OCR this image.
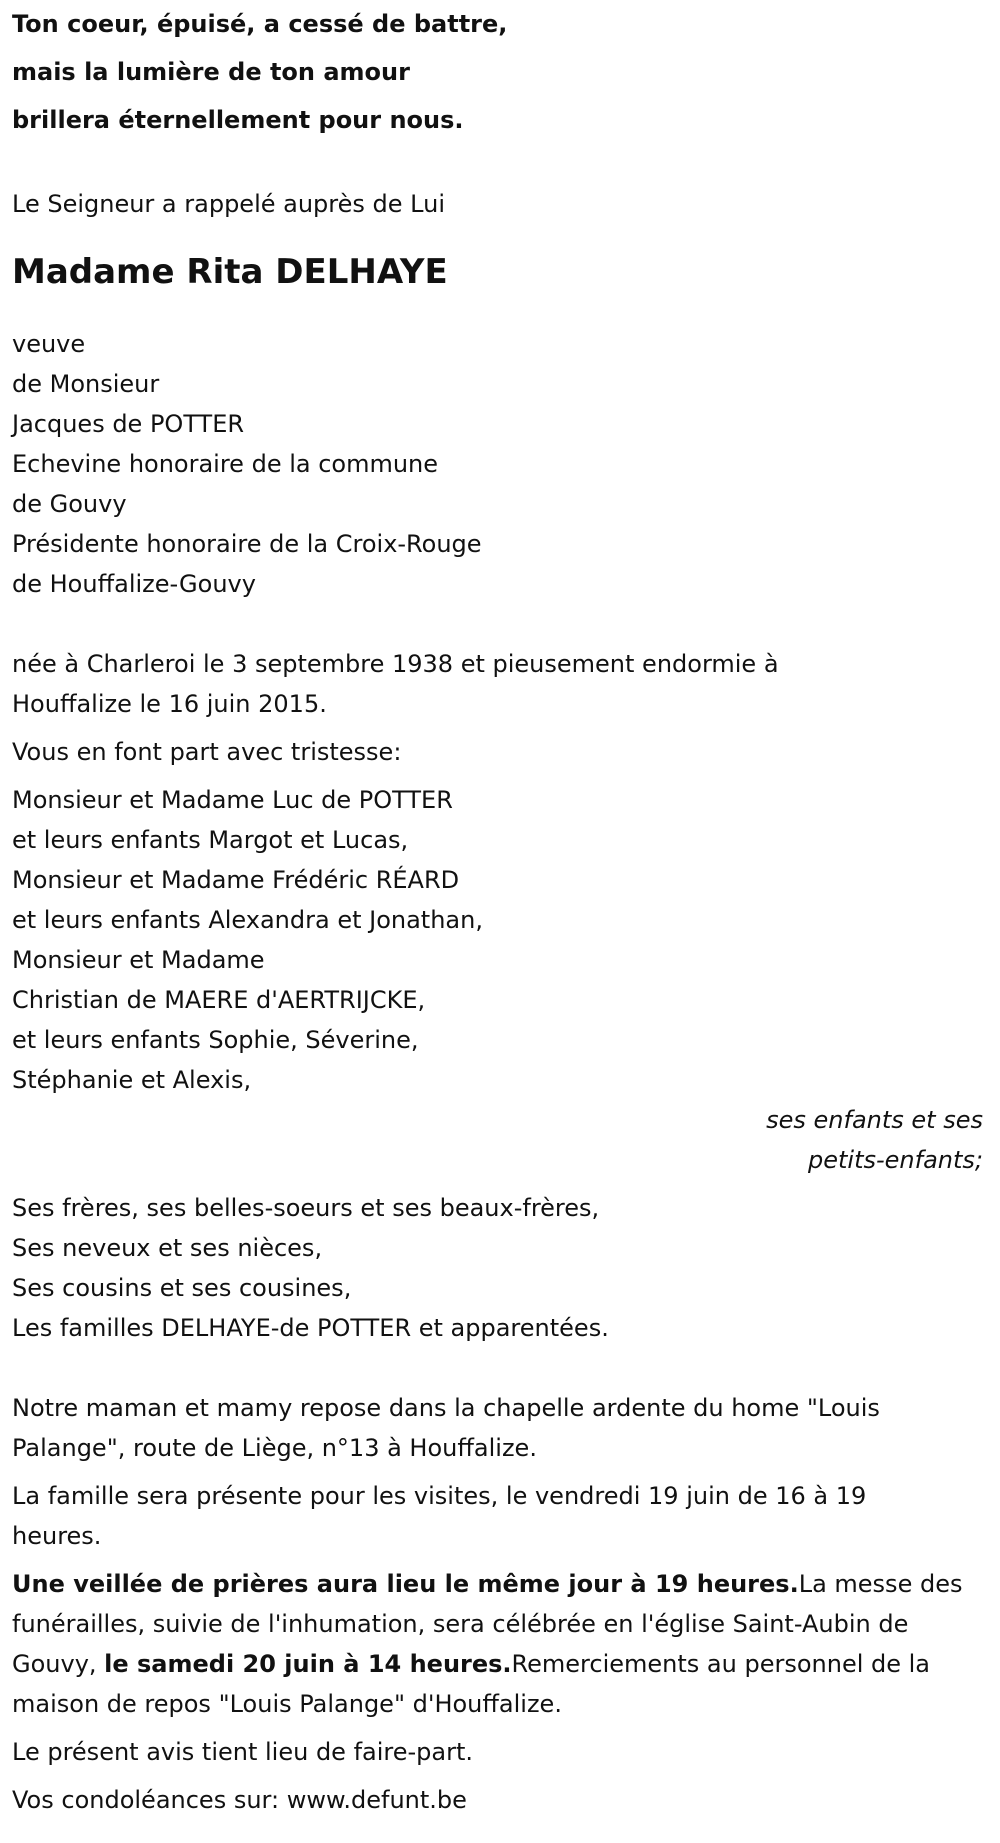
Ton coeur, épuisé, a cessé de battre,
mais la lumière de ton amour
brillera éternellement pour nous.
Le Seigneur a rappelé auprès de Lui
Madame Rita DELHAYE
veuve
de Monsieur
Jacques de POTTER
Echevine honoraire de la commune
de Gouvy
Présidente honoraire de la Croix-Rouge
de Houffalize-Gouvy
née à Charleroi le 3 septembre 1938 et pieusement endormie à
Houffalize le 16 juin 2015.
Vous en font part avec tristesse:
Monsieur et Madame Luc de POTTER
et leurs enfants Margot et Lucas,
Monsieur et Madame Frédéric RÉARD
et leurs enfants Alexandra et Jonathan,
Monsieur et Madame
Christian de MAERE d'AERTRIJCKE,
et leurs enfants Sophie, Séverine,
Stéphanie et Alexis,
ses enfants et ses
petits-enfants;
Ses frères, ses belles-soeurs et ses beaux-frères,
Ses neveux et ses nièces,
Ses cousins et ses cousines,
Les familles DELHAYE-de POTTER et apparentées.
Notre maman et mamy repose dans la chapelle ardente du home "Louis
Palange", route de Liège, n°13 à Houffalize.
La famille sera présente pour les visites, le vendredi 19 juin de 16 à 19
heures.
Une veillée de prières aura lieu le même jour à 19 heures.La messe des
funérailles, suivie de l'inhumation, sera célébrée en l'église Saint-Aubin de
Gouvy, le samedi 20 juin à 14 heures.Remerciements au personnel de la
maison de repos "Louis Palange" d'Houffalize.
Le présent avis tient lieu de faire-part.
Vos condoléances sur: www.defunt.be
